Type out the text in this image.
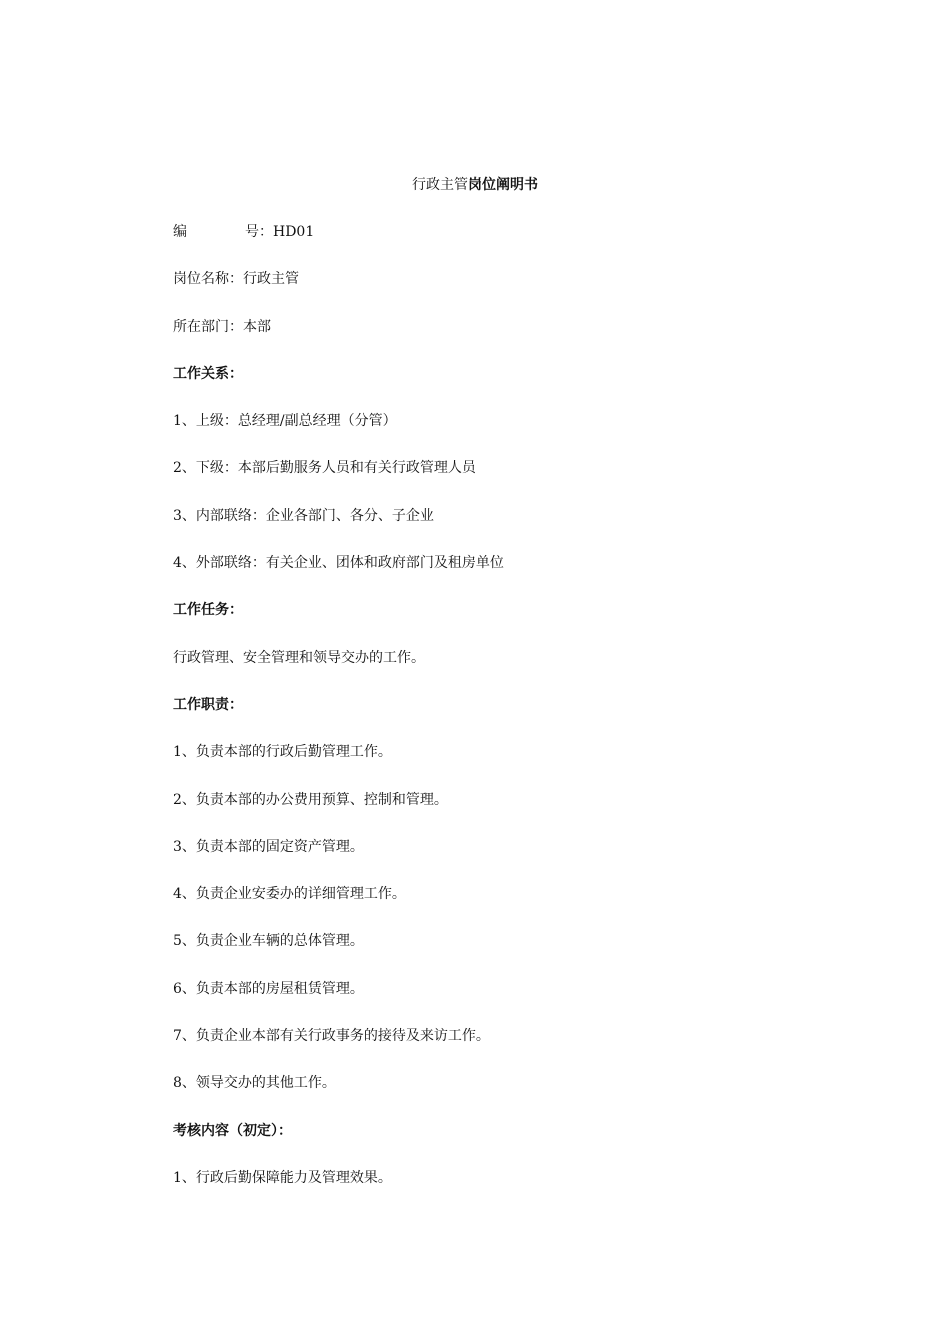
行政主管岗位阐明书
编	号：HD01
岗位名称：行政主管
所在部门：本部
工作关系：
1、上级：总经理/副总经理（分管）
2、下级：本部后勤服务人员和有关行政管理人员
3、内部联络：企业各部门、各分、子企业
4、外部联络：有关企业、团体和政府部门及租房单位
工作任务：
行政管理、安全管理和领导交办的工作。
工作职责：
1、负责本部的行政后勤管理工作。
2、负责本部的办公费用预算、控制和管理。
3、负责本部的固定资产管理。
4、负责企业安委办的详细管理工作。
5、负责企业车辆的总体管理。
6、负责本部的房屋租赁管理。
7、负责企业本部有关行政事务的接待及来访工作。
8、领导交办的其他工作。
考核内容（初定）：
1、行政后勤保障能力及管理效果。
